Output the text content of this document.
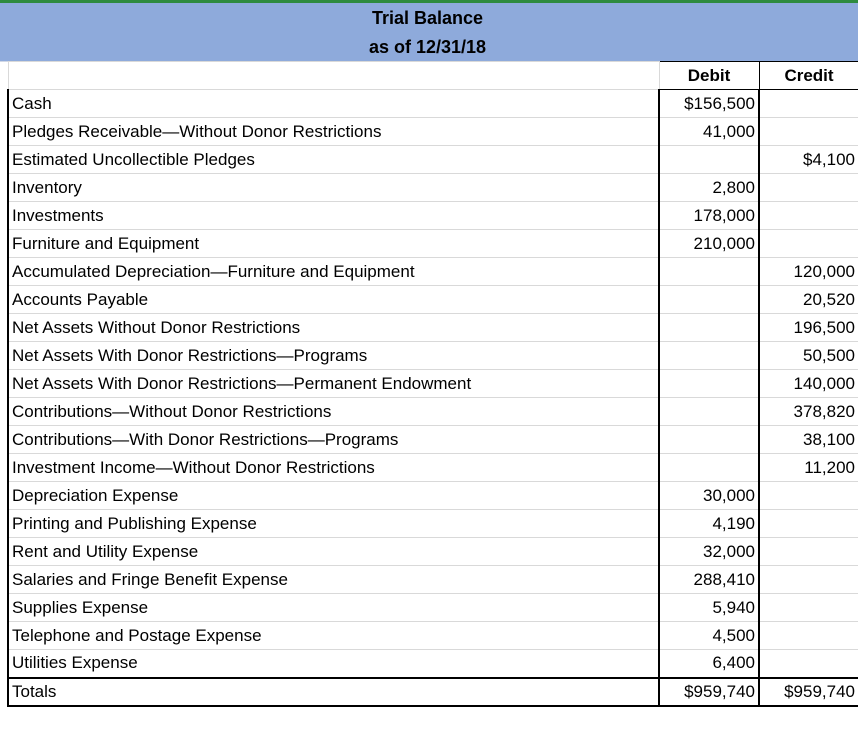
Trial Balance
as of 12/31/18
	Debit	Credit
Cash	$156,500	
Pledges Receivable—Without Donor Restrictions	41,000	
Estimated Uncollectible Pledges		$4,100
Inventory	2,800	
Investments	178,000	
Furniture and Equipment	210,000	
Accumulated Depreciation—Furniture and Equipment		120,000
Accounts Payable		20,520
Net Assets Without Donor Restrictions		196,500
Net Assets With Donor Restrictions—Programs		50,500
Net Assets With Donor Restrictions—Permanent Endowment		140,000
Contributions—Without Donor Restrictions		378,820
Contributions—With Donor Restrictions—Programs		38,100
Investment Income—Without Donor Restrictions		11,200
Depreciation Expense	30,000	
Printing and Publishing Expense	4,190	
Rent and Utility Expense	32,000	
Salaries and Fringe Benefit Expense	288,410	
Supplies Expense	5,940	
Telephone and Postage Expense	4,500	
Utilities Expense	6,400	
Totals	$959,740	$959,740
